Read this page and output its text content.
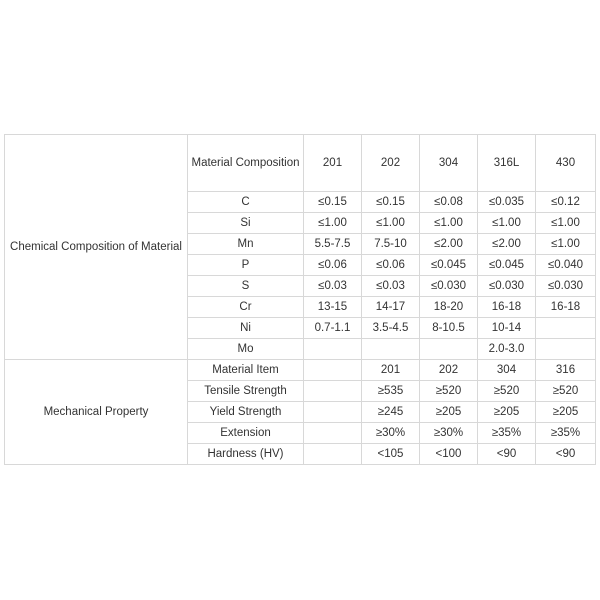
Chemical Composition of Material	Material Composition	201	202	304	316L	430
	C	≤0.15	≤0.15	≤0.08	≤0.035	≤0.12
	Si	≤1.00	≤1.00	≤1.00	≤1.00	≤1.00
	Mn	5.5-7.5	7.5-10	≤2.00	≤2.00	≤1.00
	P	≤0.06	≤0.06	≤0.045	≤0.045	≤0.040
	S	≤0.03	≤0.03	≤0.030	≤0.030	≤0.030
	Cr	13-15	14-17	18-20	16-18	16-18
	Ni	0.7-1.1	3.5-4.5	8-10.5	10-14	
	Mo				2.0-3.0	
Mechanical Property	Material Item		201	202	304	316
	Tensile Strength		≥535	≥520	≥520	≥520
	Yield Strength		≥245	≥205	≥205	≥205
	Extension		≥30%	≥30%	≥35%	≥35%
	Hardness (HV)		<105	<100	<90	<90
